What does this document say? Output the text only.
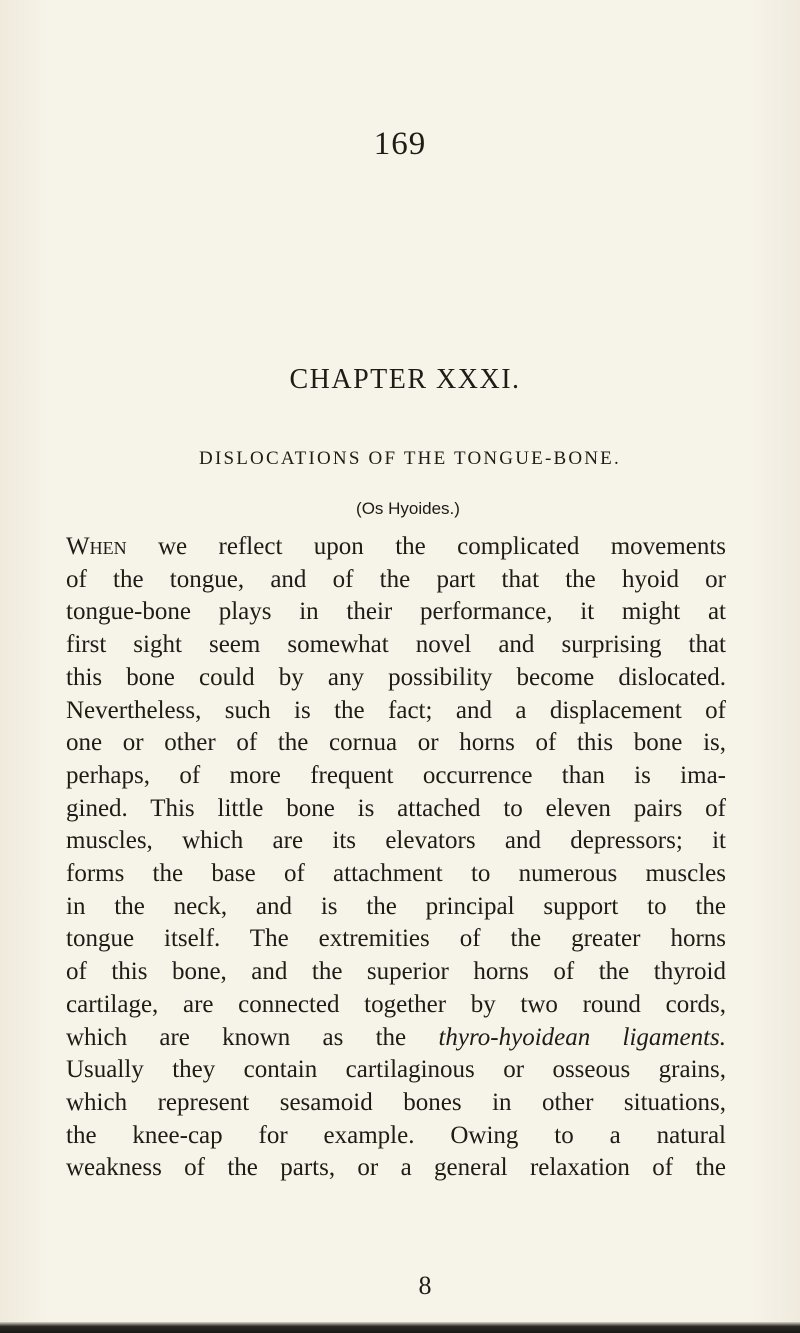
169
CHAPTER XXXI.
DISLOCATIONS OF THE TONGUE-BONE.
(Os Hyoides.)
When we reflect upon the complicated movements
of the tongue, and of the part that the hyoid or
tongue-bone plays in their performance, it might at
first sight seem somewhat novel and surprising that
this bone could by any possibility become dislocated.
Nevertheless, such is the fact; and a displacement of
one or other of the cornua or horns of this bone is,
perhaps, of more frequent occurrence than is ima-
gined. This little bone is attached to eleven pairs of
muscles, which are its elevators and depressors; it
forms the base of attachment to numerous muscles
in the neck, and is the principal support to the
tongue itself. The extremities of the greater horns
of this bone, and the superior horns of the thyroid
cartilage, are connected together by two round cords,
which are known as the thyro-hyoidean ligaments.
Usually they contain cartilaginous or osseous grains,
which represent sesamoid bones in other situations,
the knee-cap for example. Owing to a natural
weakness of the parts, or a general relaxation of the
8
